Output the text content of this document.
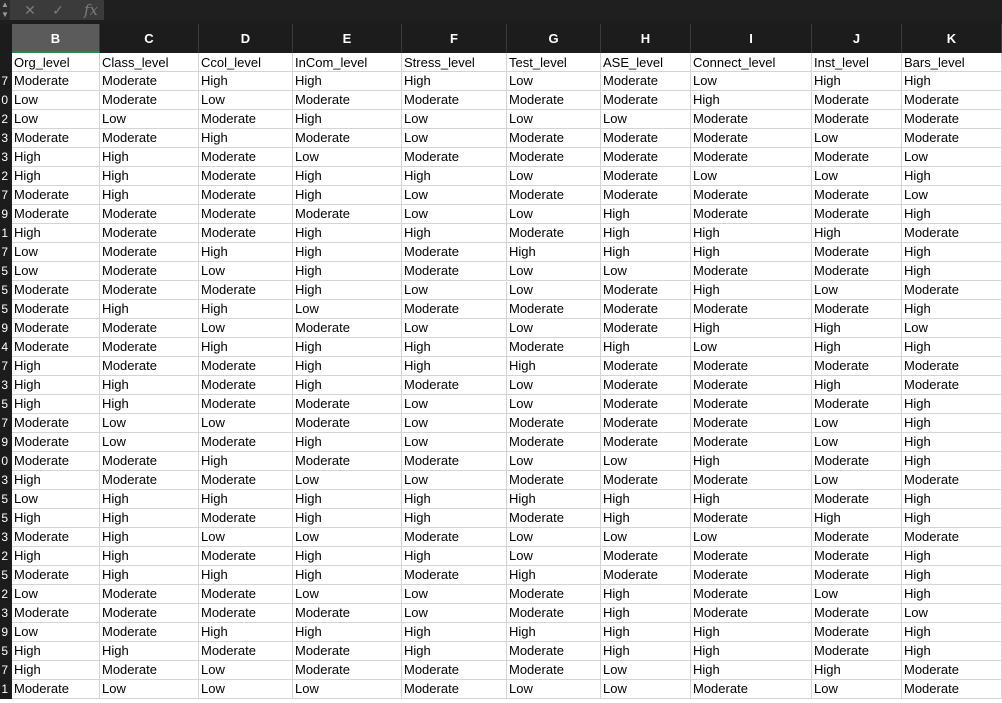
▲
▼ ✕ ✓ fx
B	C	D	E	F	G	H	I	J	K
Org_level	Class_level	Ccol_level	InCom_level	Stress_level	Test_level	ASE_level	Connect_level	Inst_level	Bars_level
7 Moderate	Moderate	High	High	High	Low	Moderate	Low	High	High
0 Low	Moderate	Low	Moderate	Moderate	Moderate	Moderate	High	Moderate	Moderate
2 Low	Low	Moderate	High	Low	Low	Low	Moderate	Moderate	Moderate
3 Moderate	Moderate	High	Moderate	Low	Moderate	Moderate	Moderate	Low	Moderate
3 High	High	Moderate	Low	Moderate	Moderate	Moderate	Moderate	Moderate	Low
2 High	High	Moderate	High	High	Low	Moderate	Low	Low	High
7 Moderate	High	Moderate	High	Low	Moderate	Moderate	Moderate	Moderate	Low
9 Moderate	Moderate	Moderate	Moderate	Low	Low	High	Moderate	Moderate	High
1 High	Moderate	Moderate	High	High	Moderate	High	High	High	Moderate
7 Low	Moderate	High	High	Moderate	High	High	High	Moderate	High
5 Low	Moderate	Low	High	Moderate	Low	Low	Moderate	Moderate	High
5 Moderate	Moderate	Moderate	High	Low	Low	Moderate	High	Low	Moderate
5 Moderate	High	High	Low	Moderate	Moderate	Moderate	Moderate	Moderate	High
9 Moderate	Moderate	Low	Moderate	Low	Low	Moderate	High	High	Low
4 Moderate	Moderate	High	High	High	Moderate	High	Low	High	High
7 High	Moderate	Moderate	High	High	High	Moderate	Moderate	Moderate	Moderate
3 High	High	Moderate	High	Moderate	Low	Moderate	Moderate	High	Moderate
5 High	High	Moderate	Moderate	Low	Low	Moderate	Moderate	Moderate	High
7 Moderate	Low	Low	Moderate	Low	Moderate	Moderate	Moderate	Low	High
9 Moderate	Low	Moderate	High	Low	Moderate	Moderate	Moderate	Low	High
0 Moderate	Moderate	High	Moderate	Moderate	Low	Low	High	Moderate	High
3 High	Moderate	Moderate	Low	Low	Moderate	Moderate	Moderate	Low	Moderate
5 Low	High	High	High	High	High	High	High	Moderate	High
5 High	High	Moderate	High	High	Moderate	High	Moderate	High	High
3 Moderate	High	Low	Low	Moderate	Low	Low	Low	Moderate	Moderate
2 High	High	Moderate	High	High	Low	Moderate	Moderate	Moderate	High
5 Moderate	High	High	High	Moderate	High	Moderate	Moderate	Moderate	High
2 Low	Moderate	Moderate	Low	Low	Moderate	High	Moderate	Low	High
3 Moderate	Moderate	Moderate	Moderate	Low	Moderate	High	Moderate	Moderate	Low
9 Low	Moderate	High	High	High	High	High	High	Moderate	High
5 High	High	Moderate	Moderate	High	Moderate	High	High	Moderate	High
7 High	Moderate	Low	Moderate	Moderate	Moderate	Low	High	High	Moderate
1 Moderate	Low	Low	Low	Moderate	Low	Low	Moderate	Low	Moderate
